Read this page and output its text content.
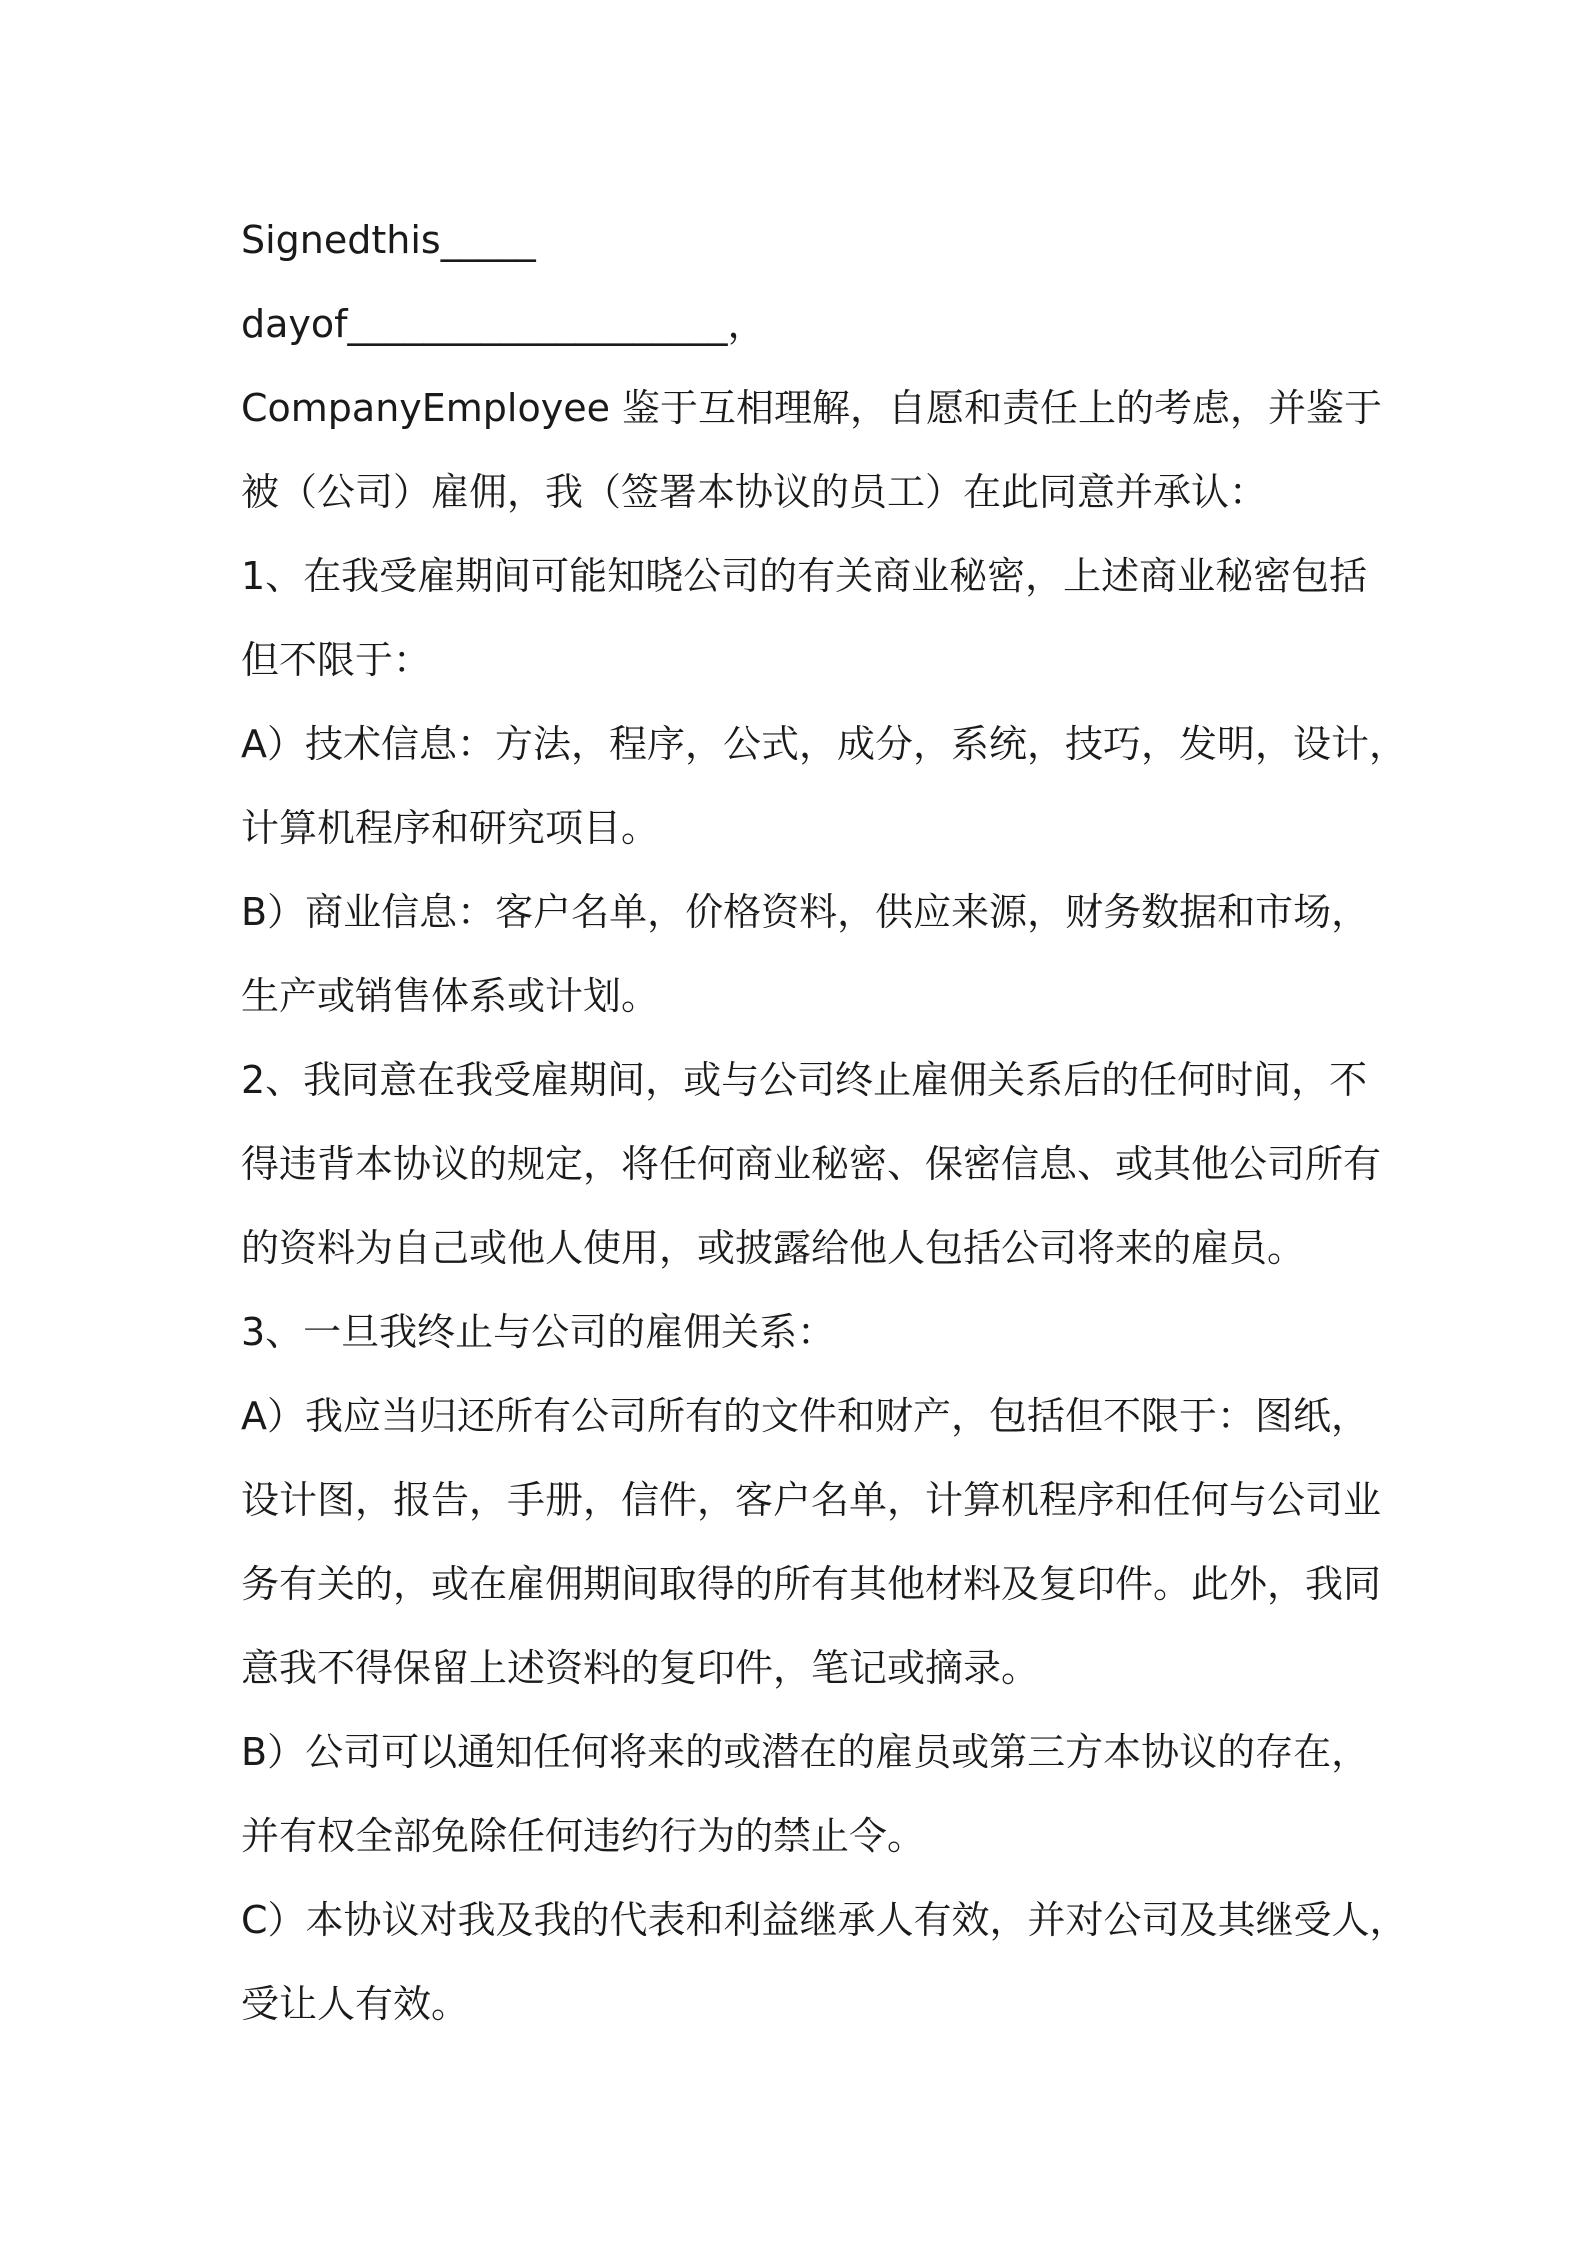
Signedthis_____
dayof____________________，
CompanyEmployee 鉴于互相理解，自愿和责任上的考虑，并鉴于
被（公司）雇佣，我（签署本协议的员工）在此同意并承认：
1、在我受雇期间可能知晓公司的有关商业秘密，上述商业秘密包括
但不限于：
A）技术信息：方法，程序，公式，成分，系统，技巧，发明，设计，
计算机程序和研究项目。
B）商业信息：客户名单，价格资料，供应来源，财务数据和市场，
生产或销售体系或计划。
2、我同意在我受雇期间，或与公司终止雇佣关系后的任何时间，不
得违背本协议的规定，将任何商业秘密、保密信息、或其他公司所有
的资料为自己或他人使用，或披露给他人包括公司将来的雇员。
3、一旦我终止与公司的雇佣关系：
A）我应当归还所有公司所有的文件和财产，包括但不限于：图纸，
设计图，报告，手册，信件，客户名单，计算机程序和任何与公司业
务有关的，或在雇佣期间取得的所有其他材料及复印件。此外，我同
意我不得保留上述资料的复印件，笔记或摘录。
B）公司可以通知任何将来的或潜在的雇员或第三方本协议的存在，
并有权全部免除任何违约行为的禁止令。
C）本协议对我及我的代表和利益继承人有效，并对公司及其继受人，
受让人有效。
